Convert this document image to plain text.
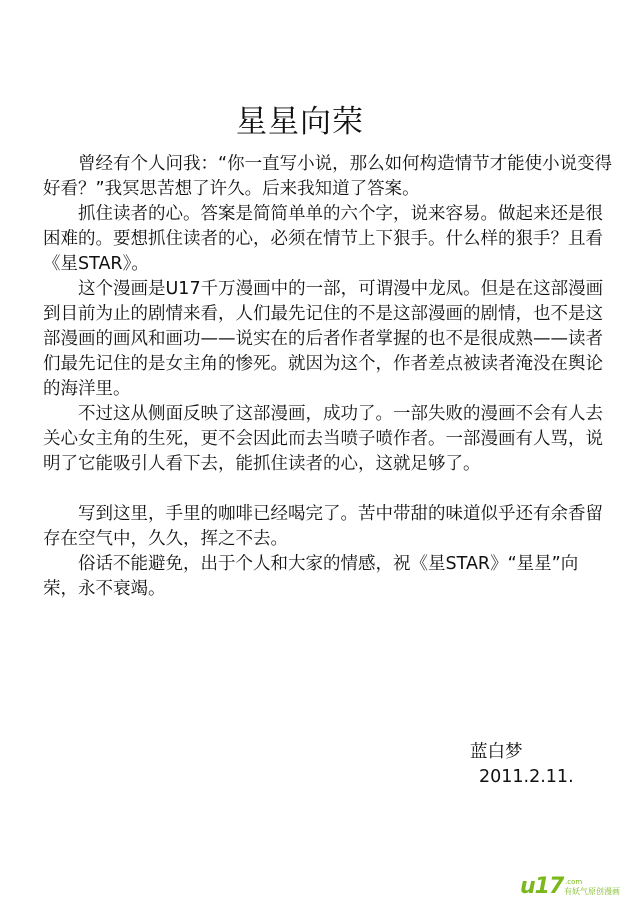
星星向荣

曾经有个人问我：“你一直写小说，那么如何构造情节才能使小说变得好看？”我冥思苦想了许久。后来我知道了答案。

抓住读者的心。答案是简简单单的六个字，说来容易。做起来还是很困难的。要想抓住读者的心，必须在情节上下狠手。什么样的狠手？且看《星STAR》。

这个漫画是U17千万漫画中的一部，可谓漫中龙凤。但是在这部漫画到目前为止的剧情来看，人们最先记住的不是这部漫画的剧情，也不是这部漫画的画风和画功——说实在的后者作者掌握的也不是很成熟——读者们最先记住的是女主角的惨死。就因为这个，作者差点被读者淹没在舆论的海洋里。

不过这从侧面反映了这部漫画，成功了。一部失败的漫画不会有人去关心女主角的生死，更不会因此而去当喷子喷作者。一部漫画有人骂，说明了它能吸引人看下去，能抓住读者的心，这就足够了。

写到这里，手里的咖啡已经喝完了。苦中带甜的味道似乎还有余香留存在空气中，久久，挥之不去。

俗话不能避免，出于个人和大家的情感，祝《星STAR》“星星”向荣，永不衰竭。

蓝白梦
2011.2.11.
u17 .com
有妖气原创漫画
